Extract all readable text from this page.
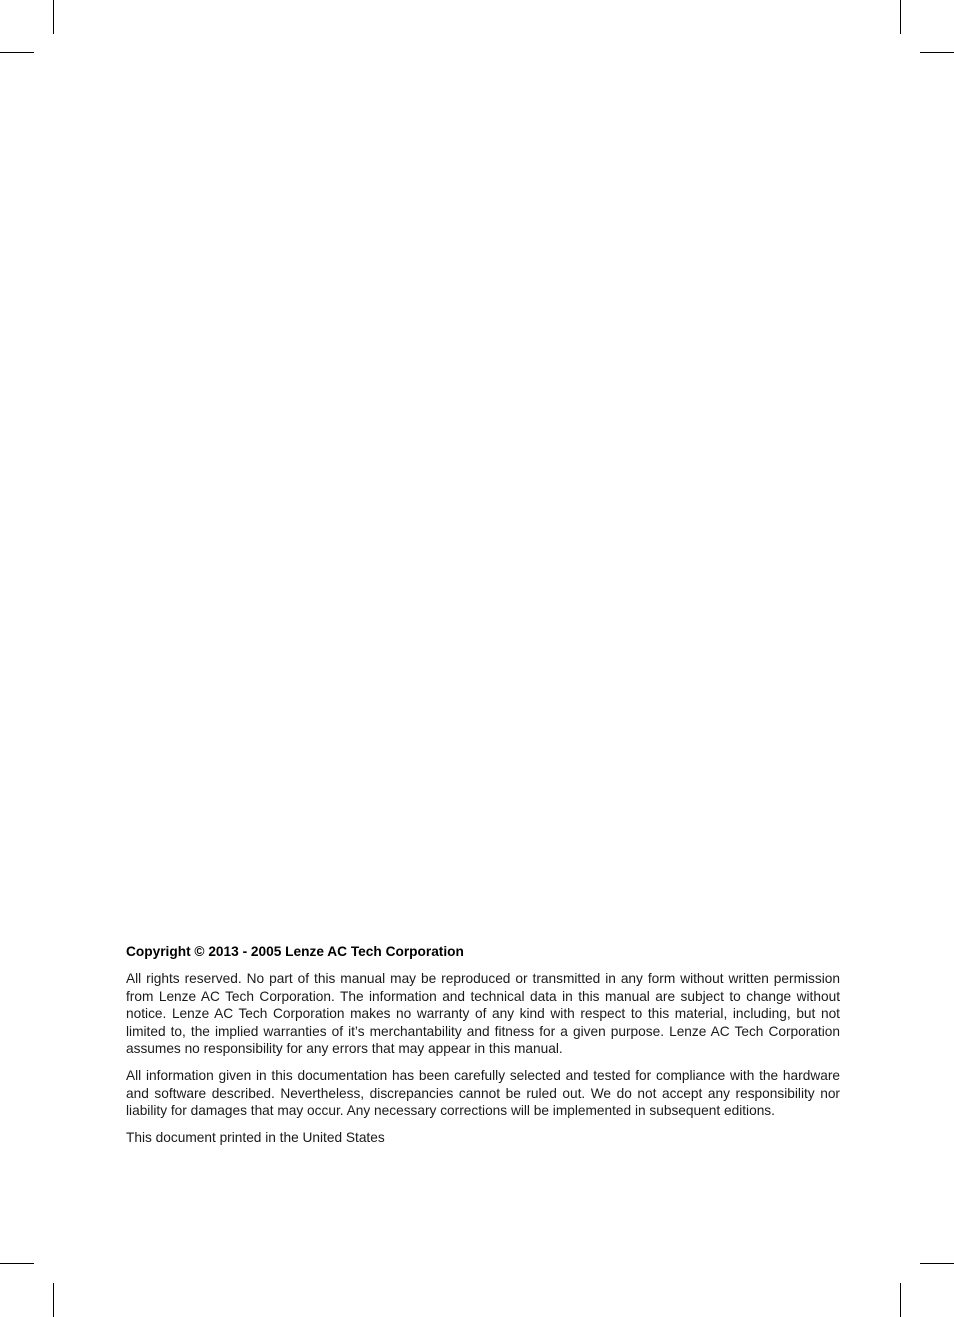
Copyright © 2013 - 2005 Lenze AC Tech Corporation

All rights reserved. No part of this manual may be reproduced or transmitted in any form without written permission from Lenze AC Tech Corporation. The information and technical data in this manual are subject to change without notice. Lenze AC Tech Corporation makes no warranty of any kind with respect to this material, including, but not limited to, the implied warranties of it’s merchantability and fitness for a given purpose. Lenze AC Tech Corporation assumes no responsibility for any errors that may appear in this manual.

All information given in this documentation has been carefully selected and tested for compliance with the hardware and software described. Nevertheless, discrepancies cannot be ruled out. We do not accept any responsibility nor liability for damages that may occur. Any necessary corrections will be implemented in subsequent editions.

This document printed in the United States
